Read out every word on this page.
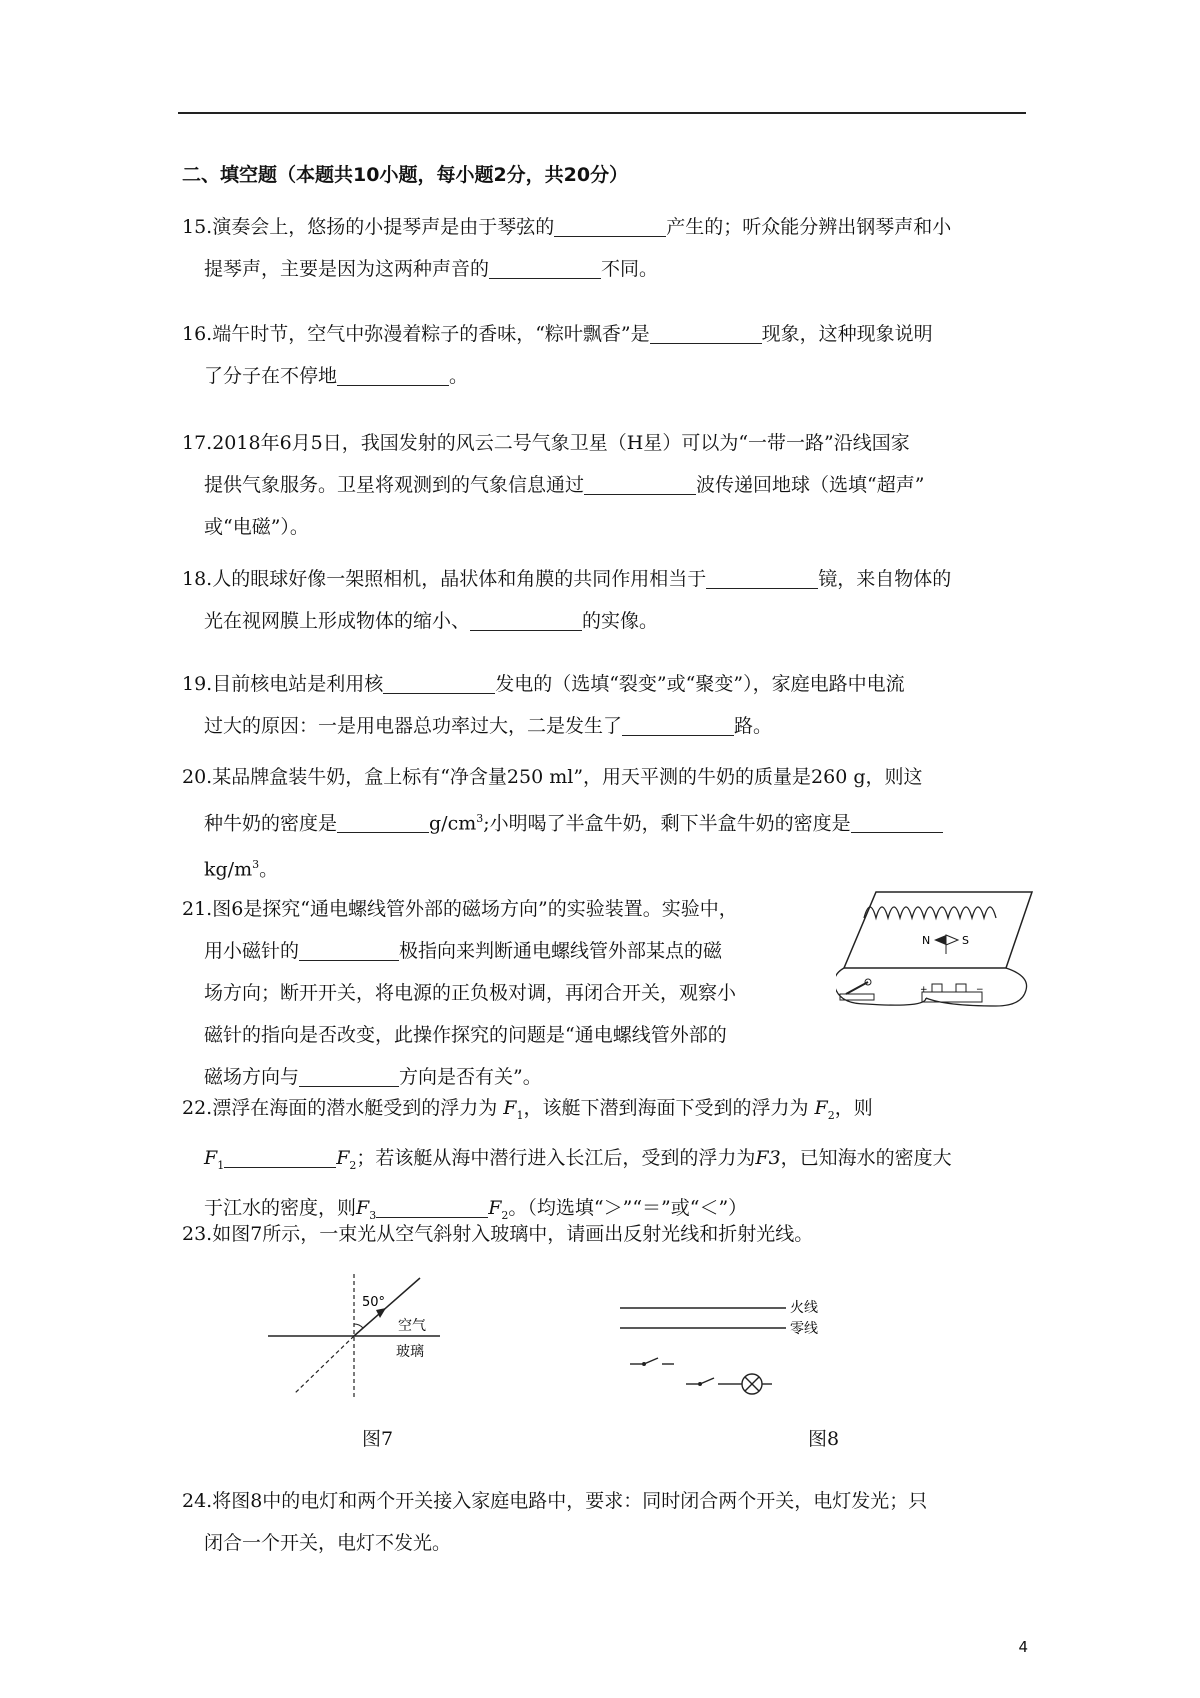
二、填空题（本题共10小题，每小题2分，共20分）
15.演奏会上，悠扬的小提琴声是由于琴弦的	产生的；听众能分辨出钢琴声和小
提琴声，主要是因为这两种声音的	不同。
16.端午时节，空气中弥漫着粽子的香味，“粽叶飘香”是	现象，这种现象说明
了分子在不停地	。
17.2018年6月5日，我国发射的风云二号气象卫星（H星）可以为“一带一路”沿线国家
提供气象服务。卫星将观测到的气象信息通过	波传递回地球（选填“超声”
或“电磁”）。
18.人的眼球好像一架照相机，晶状体和角膜的共同作用相当于	镜，来自物体的
光在视网膜上形成物体的缩小、	的实像。
19.目前核电站是利用核	发电的（选填“裂变”或“聚变”），家庭电路中电流
过大的原因：一是用电器总功率过大，二是发生了	路。
20.某品牌盒装牛奶，盒上标有“净含量250 ml”，用天平测的牛奶的质量是260 g，则这
种牛奶的密度是	$g/cm^3$;小明喝了半盒牛奶，剩下半盒牛奶的密度是
$kg/m^3$。
21.图6是探究“通电螺线管外部的磁场方向”的实验装置。实验中，
用小磁针的	极指向来判断通电螺线管外部某点的磁
场方向；断开开关，将电源的正负极对调，再闭合开关，观察小
磁针的指向是否改变，此操作探究的问题是“通电螺线管外部的
磁场方向与	方向是否有关”。
N	S
+	−
22.漂浮在海面的潜水艇受到的浮力为 $F_1$，该艇下潜到海面下受到的浮力为 $F_2$，则
$F_1$	$F_2$；若该艇从海中潜行进入长江后，受到的浮力为F3，已知海水的密度大
于江水的密度，则$F_3$	$F_2$。（均选填“＞”“＝”或“＜”）
23.如图7所示，一束光从空气斜射入玻璃中，请画出反射光线和折射光线。
50°
空气
玻璃
图7
火线
零线
图8
24.将图8中的电灯和两个开关接入家庭电路中，要求：同时闭合两个开关，电灯发光；只
闭合一个开关，电灯不发光。
4
